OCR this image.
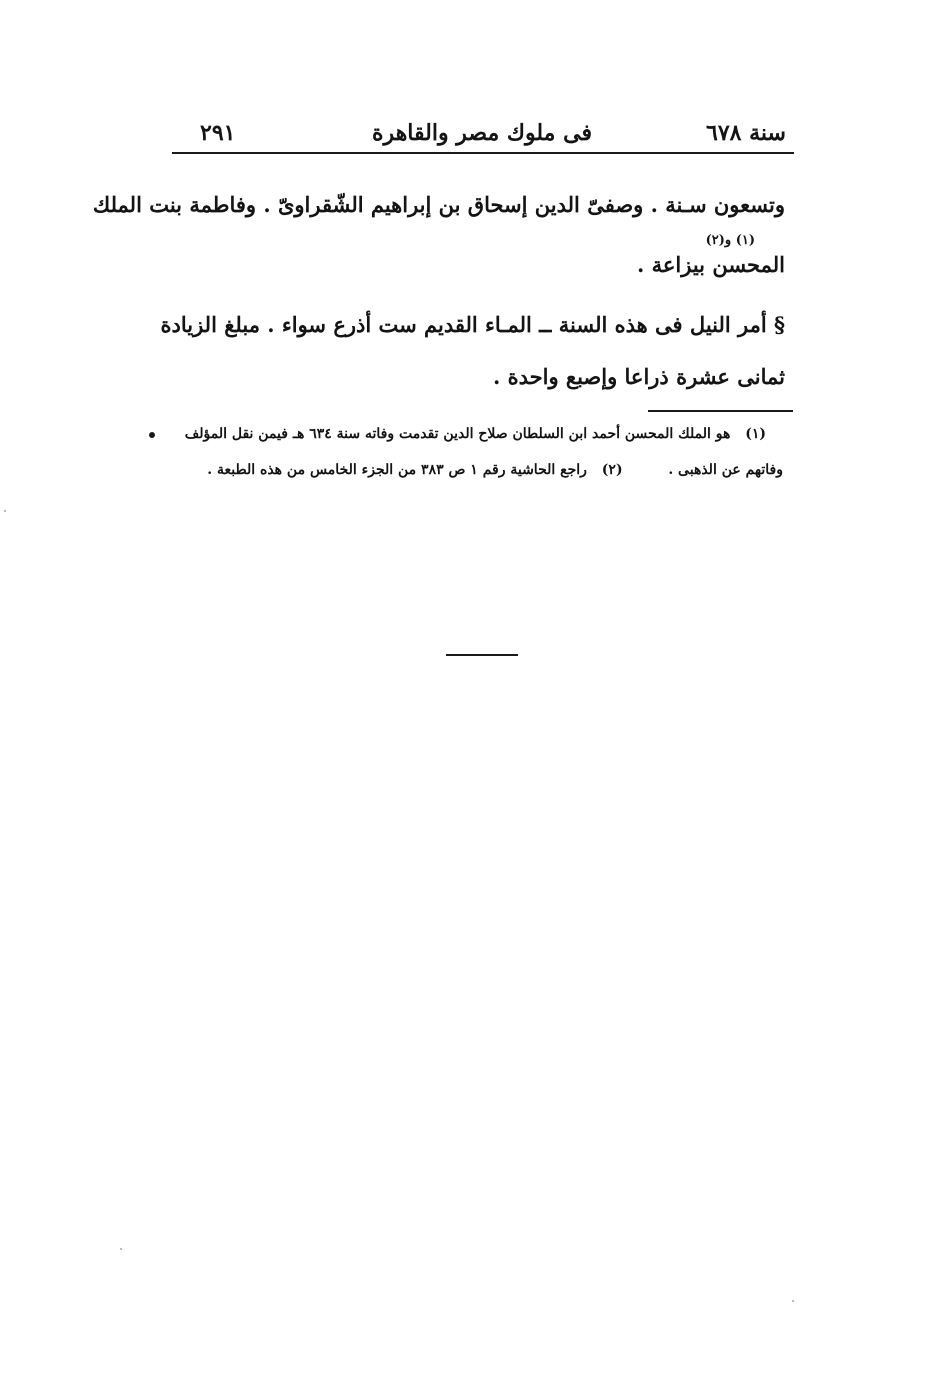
سنة ٦٧٨
فى ملوك مصر والقاهرة
٢٩١
وتسعون سـنة . وصفىّ الدين إسحاق بن إبراهيم الشّقراوىّ . وفاطمة بنت الملك
(١) و(٢)
المحسن بيزاعة .
§ أمر النيل فى هذه السنة ــ المـاء القديم ست أذرع سواء . مبلغ الزيادة
ثمانى عشرة ذراعا وإصبع واحدة .
(١) هو الملك المحسن أحمد ابن السلطان صلاح الدين تقدمت وفاته سنة ٦٣٤ هـ فيمن نقل المؤلف
وفاتهم عن الذهبى .  (٢) راجع الحاشية رقم ١ ص ٣٨٣ من الجزء الخامس من هذه الطبعة .
